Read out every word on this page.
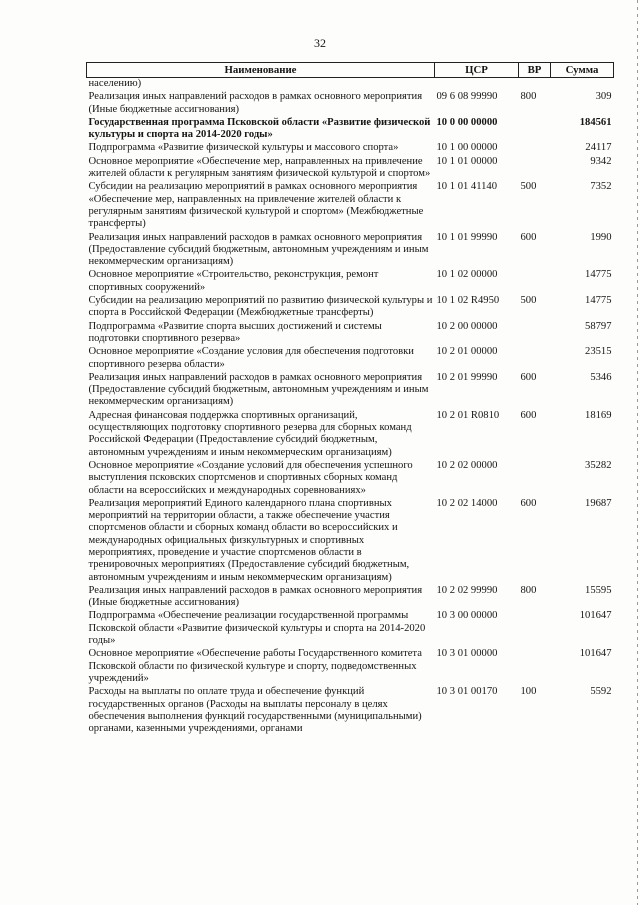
32
Наименование	ЦСР	ВР	Сумма
населению)			
Реализация иных направлений расходов в рамках основного мероприятия (Иные бюджетные ассигнования)	09 6 08 99990	800	309
Государственная программа Псковской области «Развитие физической культуры и спорта на 2014-2020 годы»	10 0 00 00000		184561
Подпрограмма «Развитие физической культуры и массового спорта»	10 1 00 00000		24117
Основное мероприятие «Обеспечение мер, направленных на привлечение жителей области к регулярным занятиям физической культурой и спортом»	10 1 01 00000		9342
Субсидии на реализацию мероприятий в рамках основного мероприятия «Обеспечение мер, направленных на привлечение жителей области к регулярным занятиям физической культурой и спортом» (Межбюджетные трансферты)	10 1 01 41140	500	7352
Реализация иных направлений расходов в рамках основного мероприятия (Предоставление субсидий бюджетным, автономным учреждениям и иным некоммерческим организациям)	10 1 01 99990	600	1990
Основное мероприятие «Строительство, реконструкция, ремонт спортивных сооружений»	10 1 02 00000		14775
Субсидии на реализацию мероприятий по развитию физической культуры и спорта в Российской Федерации (Межбюджетные трансферты)	10 1 02 R4950	500	14775
Подпрограмма «Развитие спорта высших достижений и системы подготовки спортивного резерва»	10 2 00 00000		58797
Основное мероприятие «Создание условия для обеспечения подготовки спортивного резерва области»	10 2 01 00000		23515
Реализация иных направлений расходов в рамках основного мероприятия (Предоставление субсидий бюджетным, автономным учреждениям и иным некоммерческим организациям)	10 2 01 99990	600	5346
Адресная финансовая поддержка спортивных организаций, осуществляющих подготовку спортивного резерва для сборных команд Российской Федерации (Предоставление субсидий бюджетным, автономным учреждениям и иным некоммерческим организациям)	10 2 01 R0810	600	18169
Основное мероприятие «Создание условий для обеспечения успешного выступления псковских спортсменов и спортивных сборных команд области на всероссийских и международных соревнованиях»	10 2 02 00000		35282
Реализация мероприятий Единого календарного плана спортивных мероприятий на территории области, а также обеспечение участия спортсменов области и сборных команд области во всероссийских и международных официальных физкультурных и спортивных мероприятиях, проведение и участие спортсменов области в тренировочных мероприятиях (Предоставление субсидий бюджетным, автономным учреждениям и иным некоммерческим организациям)	10 2 02 14000	600	19687
Реализация иных направлений расходов в рамках основного мероприятия (Иные бюджетные ассигнования)	10 2 02 99990	800	15595
Подпрограмма «Обеспечение реализации государственной программы Псковской области «Развитие физической культуры и спорта на 2014-2020 годы»	10 3 00 00000		101647
Основное мероприятие «Обеспечение работы Государственного комитета Псковской области по физической культуре и спорту, подведомственных учреждений»	10 3 01 00000		101647
Расходы на выплаты по оплате труда и обеспечение функций государственных органов (Расходы на выплаты персоналу в целях обеспечения выполнения функций государственными (муниципальными) органами, казенными учреждениями, органами	10 3 01 00170	100	5592
